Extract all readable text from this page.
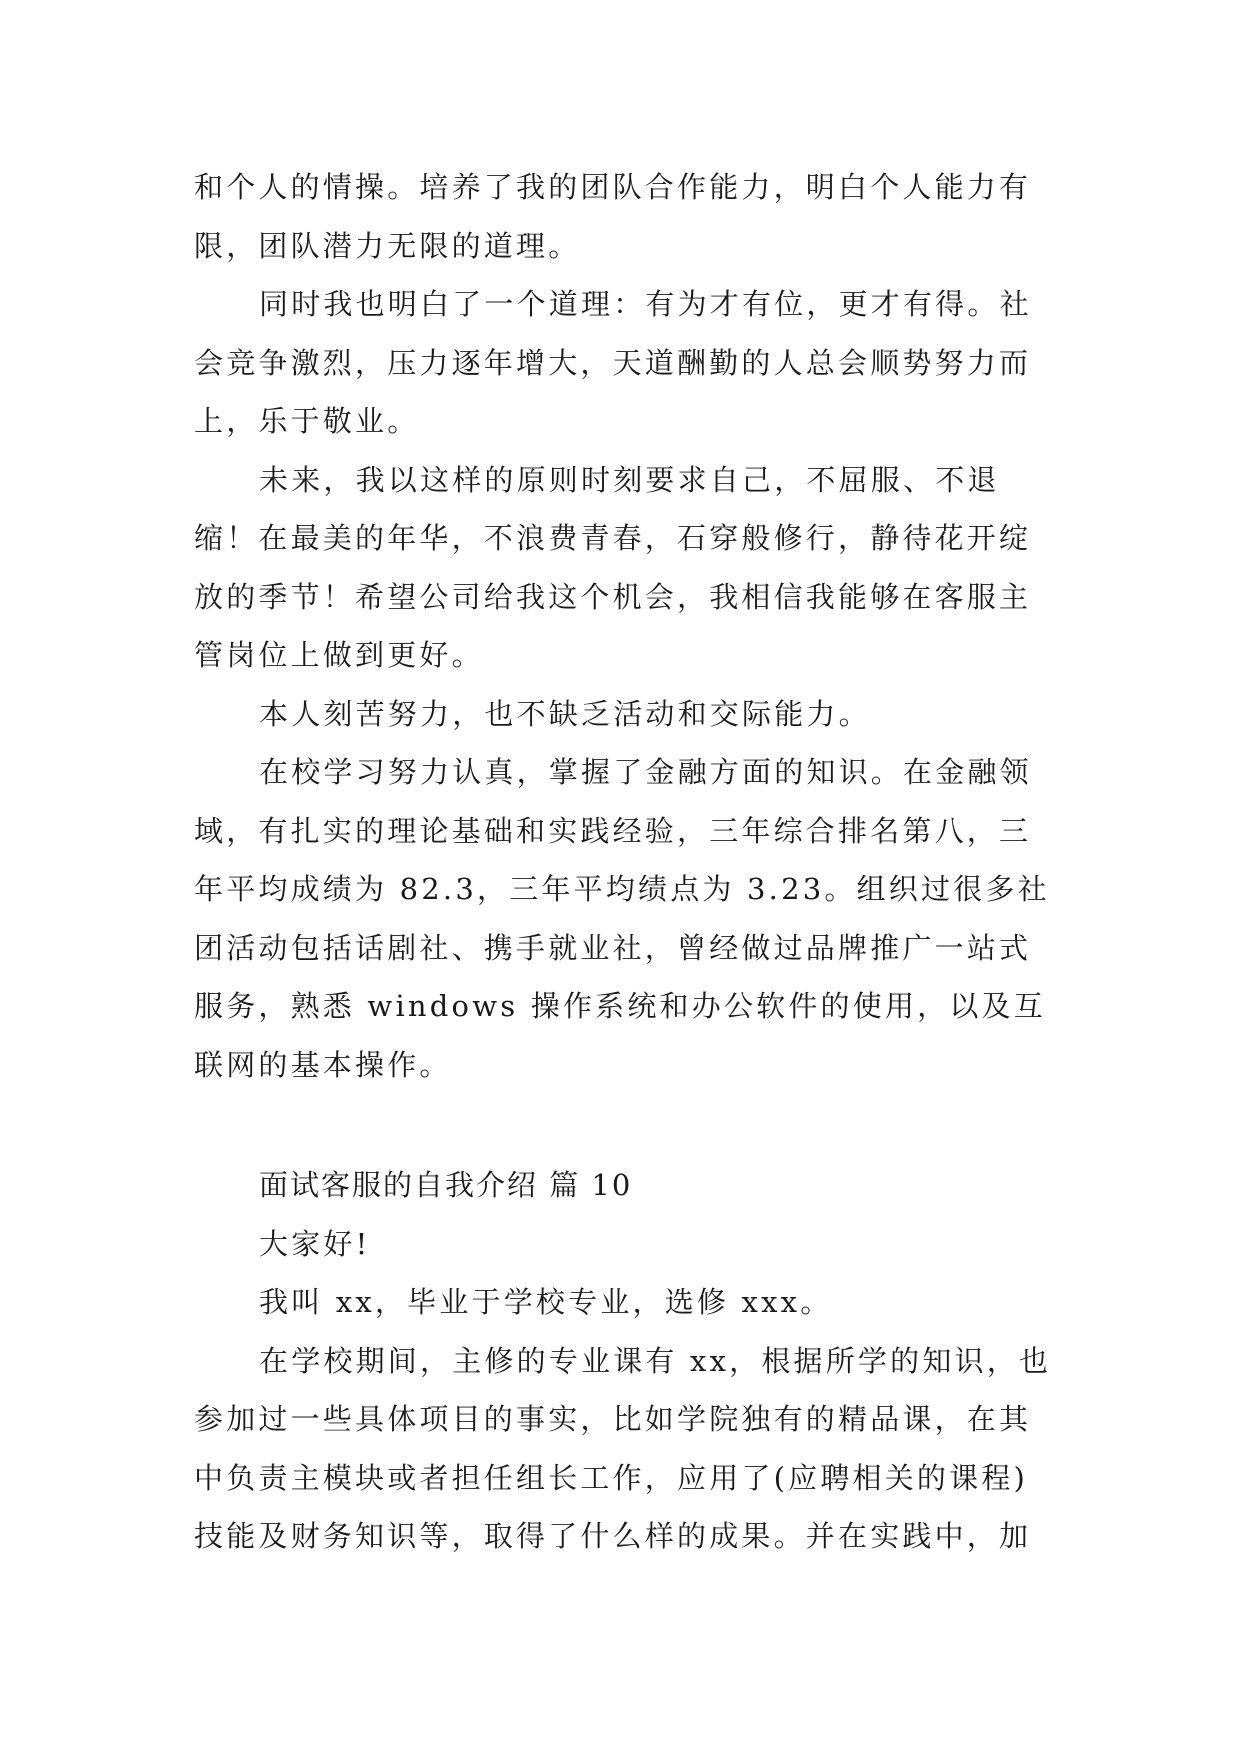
和个人的情操。培养了我的团队合作能力，明白个人能力有限，团队潜力无限的道理。

同时我也明白了一个道理：有为才有位，更才有得。社会竞争激烈，压力逐年增大，天道酬勤的人总会顺势努力而上，乐于敬业。

未来，我以这样的原则时刻要求自己，不屈服、不退缩！在最美的年华，不浪费青春，石穿般修行，静待花开绽放的季节！希望公司给我这个机会，我相信我能够在客服主管岗位上做到更好。

本人刻苦努力，也不缺乏活动和交际能力。

在校学习努力认真，掌握了金融方面的知识。在金融领域，有扎实的理论基础和实践经验，三年综合排名第八，三年平均成绩为 82.3，三年平均绩点为 3.23。组织过很多社团活动包括话剧社、携手就业社，曾经做过品牌推广一站式服务，熟悉 windows 操作系统和办公软件的使用，以及互联网的基本操作。

面试客服的自我介绍 篇 10

大家好!

我叫 xx，毕业于学校专业，选修 xxx。

在学校期间，主修的专业课有 xx，根据所学的知识，也参加过一些具体项目的事实，比如学院独有的精品课，在其中负责主模块或者担任组长工作，应用了(应聘相关的课程)技能及财务知识等，取得了什么样的成果。并在实践中，加
